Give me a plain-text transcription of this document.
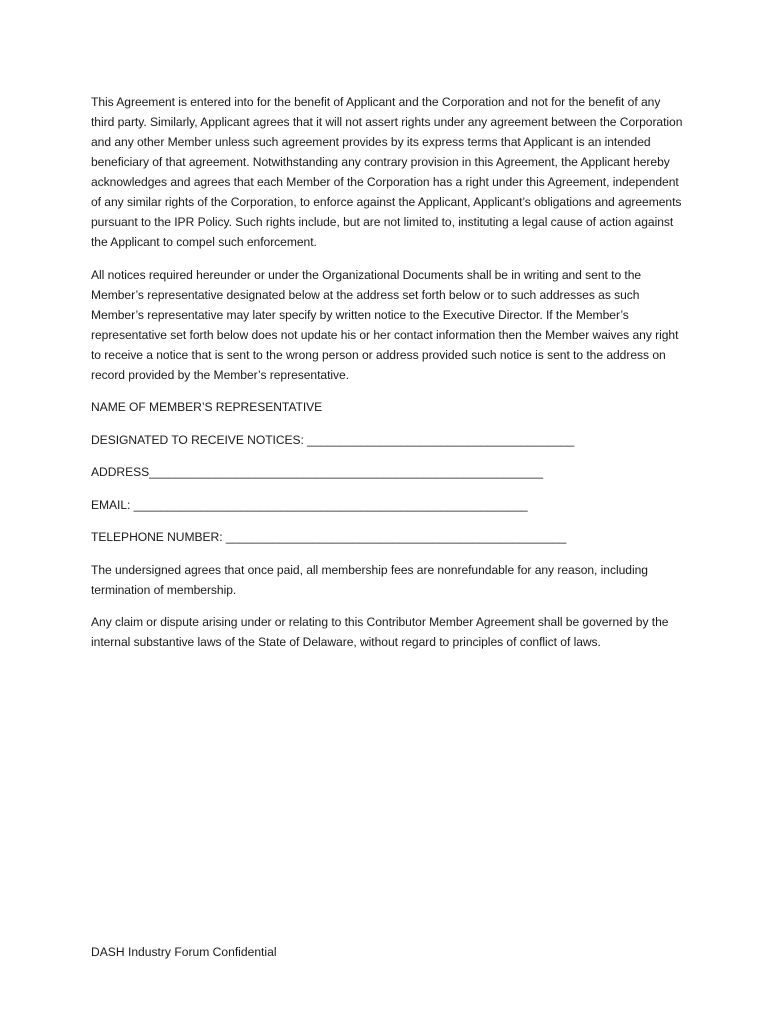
This Agreement is entered into for the benefit of Applicant and the Corporation and not for the benefit of any third party. Similarly, Applicant agrees that it will not assert rights under any agreement between the Corporation and any other Member unless such agreement provides by its express terms that Applicant is an intended beneficiary of that agreement. Notwithstanding any contrary provision in this Agreement, the Applicant hereby acknowledges and agrees that each Member of the Corporation has a right under this Agreement, independent of any similar rights of the Corporation, to enforce against the Applicant, Applicant’s obligations and agreements pursuant to the IPR Policy. Such rights include, but are not limited to, instituting a legal cause of action against the Applicant to compel such enforcement.

All notices required hereunder or under the Organizational Documents shall be in writing and sent to the Member’s representative designated below at the address set forth below or to such addresses as such Member’s representative may later specify by written notice to the Executive Director. If the Member’s representative set forth below does not update his or her contact information then the Member waives any right to receive a notice that is sent to the wrong person or address provided such notice is sent to the address on record provided by the Member’s representative.

NAME OF MEMBER’S REPRESENTATIVE
DESIGNATED TO RECEIVE NOTICES: ________________________________________
ADDRESS___________________________________________________________
EMAIL: ___________________________________________________________
TELEPHONE NUMBER: ___________________________________________________

The undersigned agrees that once paid, all membership fees are nonrefundable for any reason, including termination of membership.

Any claim or dispute arising under or relating to this Contributor Member Agreement shall be governed by the internal substantive laws of the State of Delaware, without regard to principles of conflict of laws.

DASH Industry Forum Confidential
